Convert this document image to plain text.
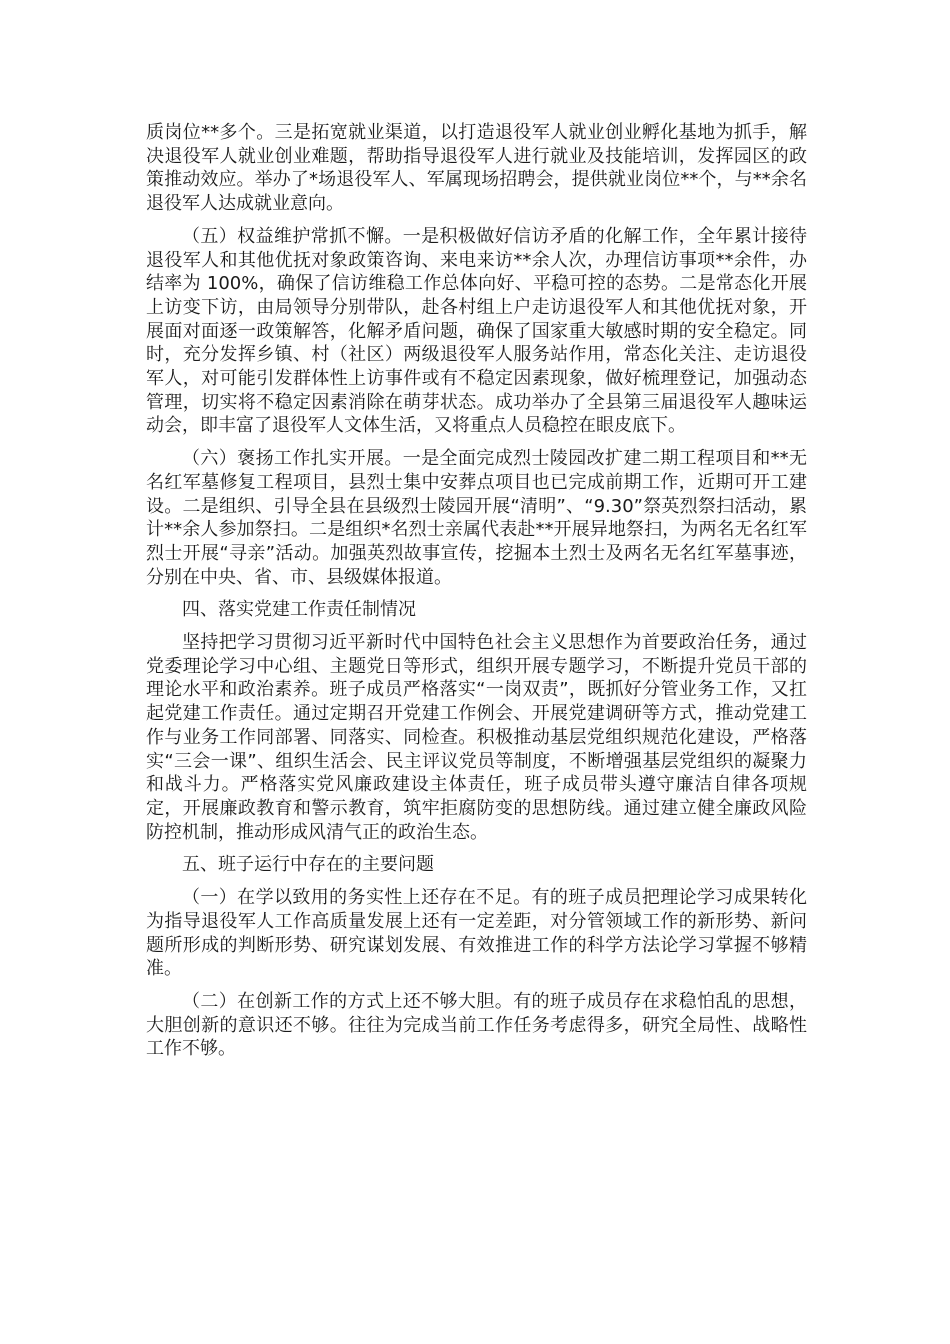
质岗位**多个。三是拓宽就业渠道，以打造退役军人就业创业孵化基地为抓手，解决退役军人就业创业难题，帮助指导退役军人进行就业及技能培训，发挥园区的政策推动效应。举办了*场退役军人、军属现场招聘会，提供就业岗位**个，与**余名退役军人达成就业意向。

（五）权益维护常抓不懈。一是积极做好信访矛盾的化解工作，全年累计接待退役军人和其他优抚对象政策咨询、来电来访**余人次，办理信访事项**余件，办结率为 100%，确保了信访维稳工作总体向好、平稳可控的态势。二是常态化开展上访变下访，由局领导分别带队，赴各村组上户走访退役军人和其他优抚对象，开展面对面逐一政策解答，化解矛盾问题，确保了国家重大敏感时期的安全稳定。同时，充分发挥乡镇、村（社区）两级退役军人服务站作用，常态化关注、走访退役军人，对可能引发群体性上访事件或有不稳定因素现象，做好梳理登记，加强动态管理，切实将不稳定因素消除在萌芽状态。成功举办了全县第三届退役军人趣味运动会，即丰富了退役军人文体生活，又将重点人员稳控在眼皮底下。

（六）褒扬工作扎实开展。一是全面完成烈士陵园改扩建二期工程项目和**无名红军墓修复工程项目，县烈士集中安葬点项目也已完成前期工作，近期可开工建设。二是组织、引导全县在县级烈士陵园开展“清明”、“9.30”祭英烈祭扫活动，累计**余人参加祭扫。二是组织*名烈士亲属代表赴**开展异地祭扫，为两名无名红军烈士开展“寻亲”活动。加强英烈故事宣传，挖掘本土烈士及两名无名红军墓事迹，分别在中央、省、市、县级媒体报道。

四、落实党建工作责任制情况

坚持把学习贯彻习近平新时代中国特色社会主义思想作为首要政治任务，通过党委理论学习中心组、主题党日等形式，组织开展专题学习，不断提升党员干部的理论水平和政治素养。班子成员严格落实“一岗双责”，既抓好分管业务工作，又扛起党建工作责任。通过定期召开党建工作例会、开展党建调研等方式，推动党建工作与业务工作同部署、同落实、同检查。积极推动基层党组织规范化建设，严格落实“三会一课”、组织生活会、民主评议党员等制度，不断增强基层党组织的凝聚力和战斗力。严格落实党风廉政建设主体责任，班子成员带头遵守廉洁自律各项规定，开展廉政教育和警示教育，筑牢拒腐防变的思想防线。通过建立健全廉政风险防控机制，推动形成风清气正的政治生态。

五、班子运行中存在的主要问题

（一）在学以致用的务实性上还存在不足。有的班子成员把理论学习成果转化为指导退役军人工作高质量发展上还有一定差距，对分管领域工作的新形势、新问题所形成的判断形势、研究谋划发展、有效推进工作的科学方法论学习掌握不够精准。

（二）在创新工作的方式上还不够大胆。有的班子成员存在求稳怕乱的思想，大胆创新的意识还不够。往往为完成当前工作任务考虑得多，研究全局性、战略性工作不够。
